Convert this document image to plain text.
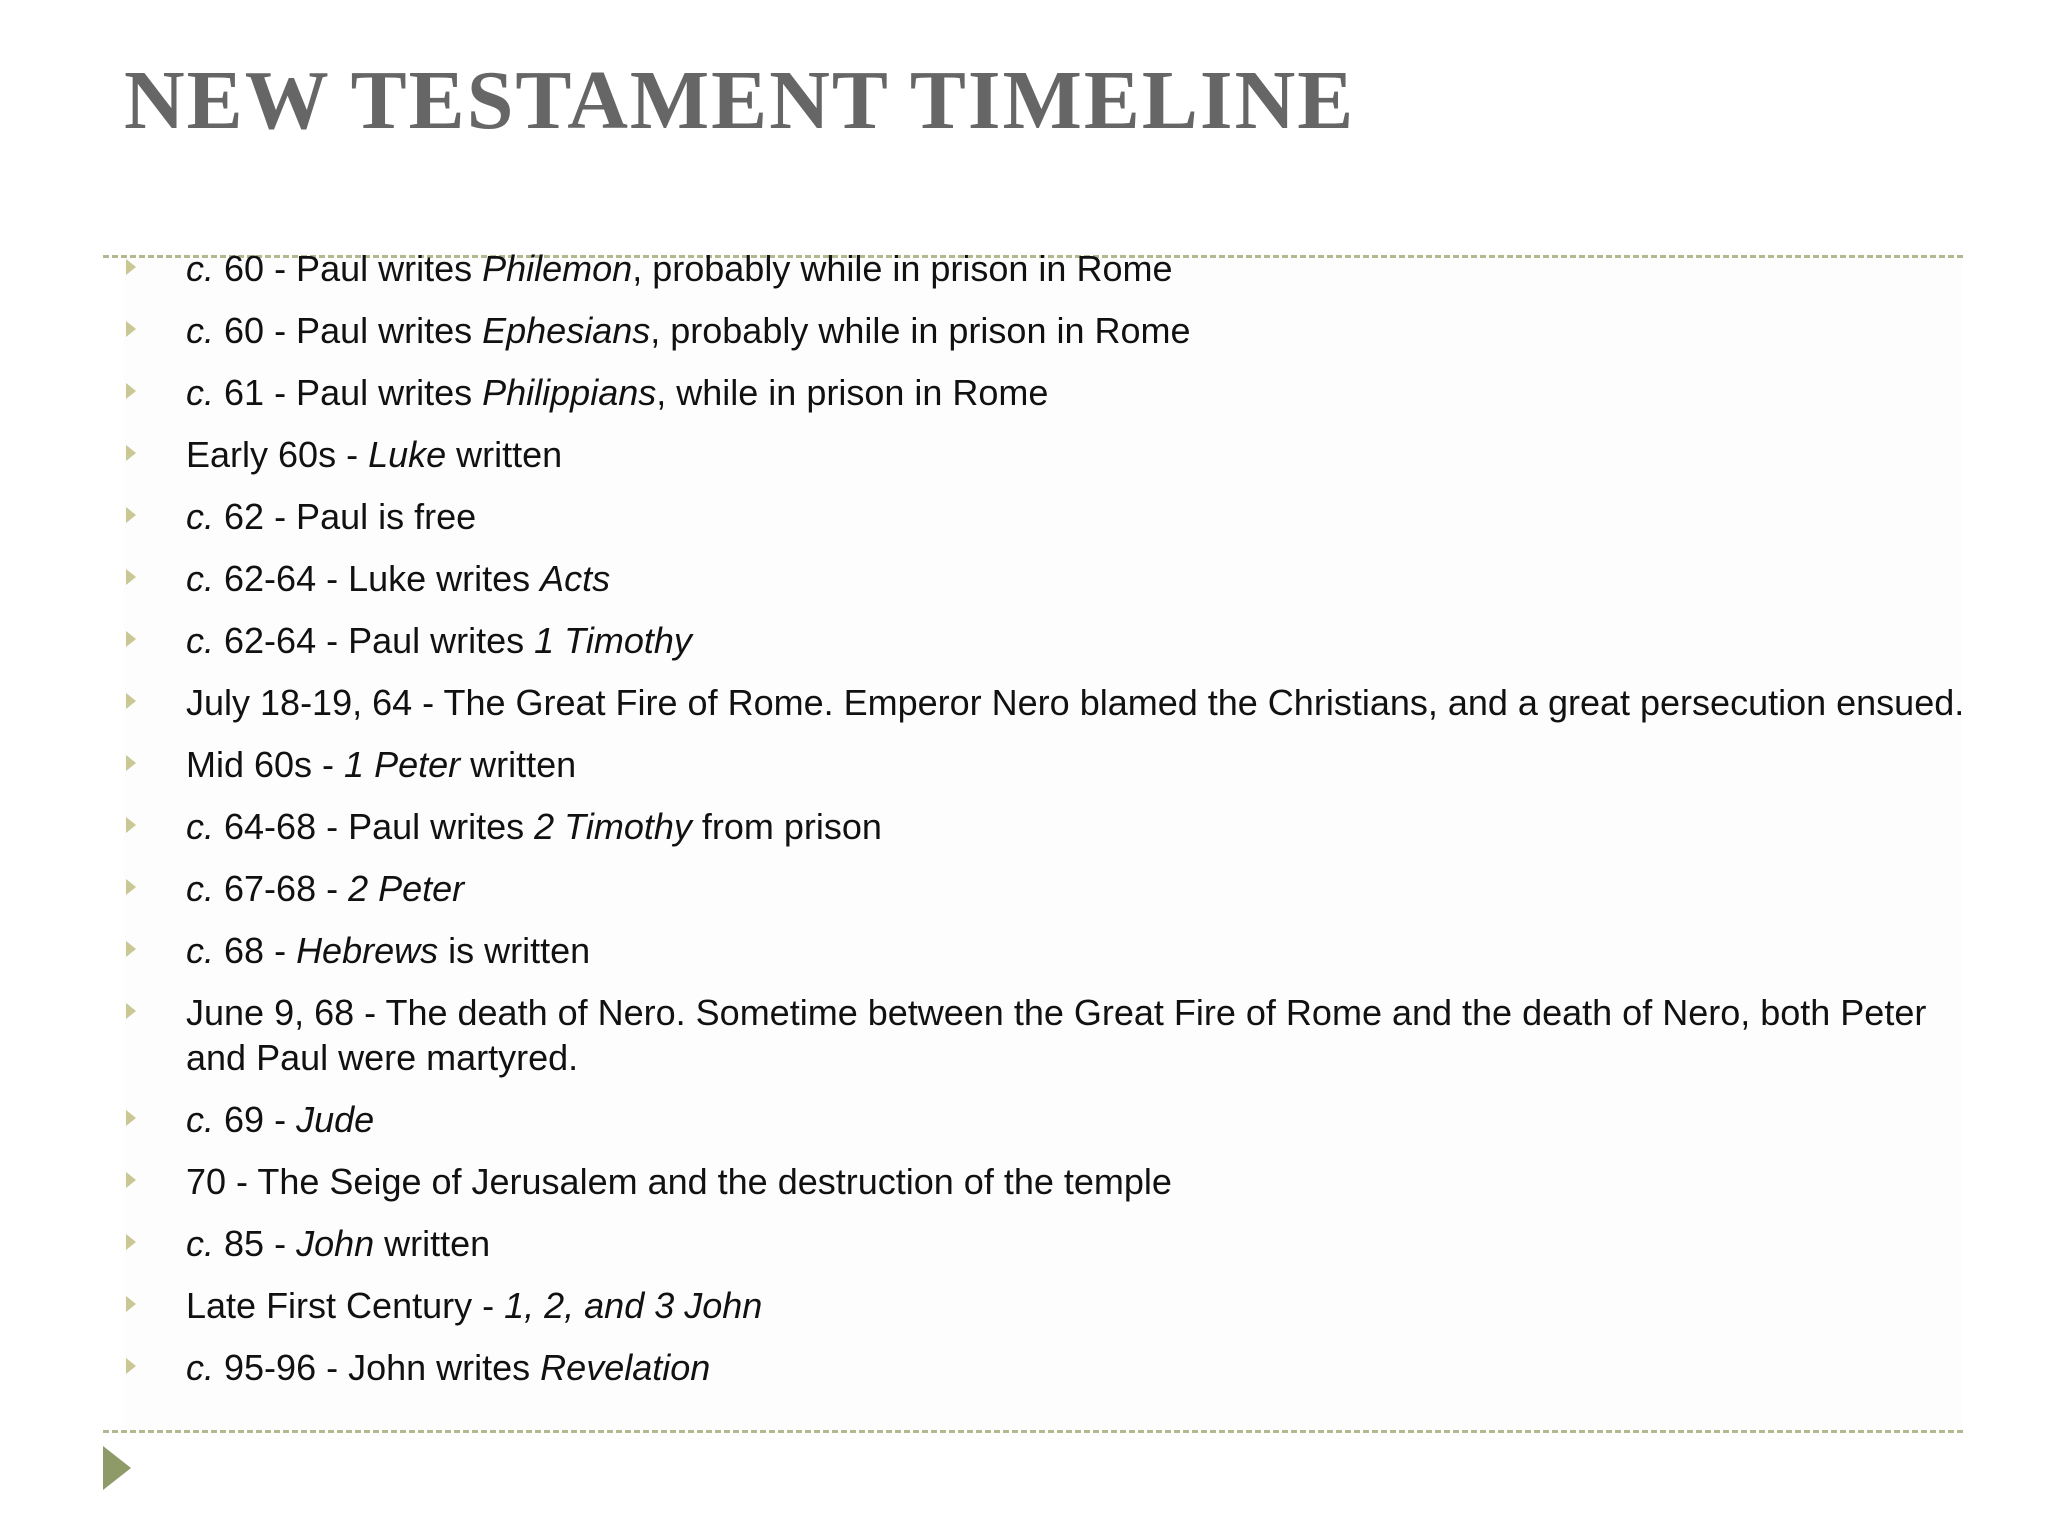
NEW TESTAMENT TIMELINE
c. 60 - Paul writes Philemon, probably while in prison in Rome
c. 60 - Paul writes Ephesians, probably while in prison in Rome
c. 61 - Paul writes Philippians, while in prison in Rome
Early 60s - Luke written
c. 62 - Paul is free
c. 62-64 - Luke writes Acts
c. 62-64 - Paul writes 1 Timothy
July 18-19, 64 - The Great Fire of Rome. Emperor Nero blamed the Christians, and a great persecution ensued.
Mid 60s - 1 Peter written
c. 64-68 - Paul writes 2 Timothy from prison
c. 67-68 - 2 Peter
c. 68 - Hebrews is written
June 9, 68 - The death of Nero. Sometime between the Great Fire of Rome and the death of Nero, both Peter and Paul were martyred.
c. 69 - Jude
70 - The Seige of Jerusalem and the destruction of the temple
c. 85 - John written
Late First Century - 1, 2, and 3 John
c. 95-96 - John writes Revelation
